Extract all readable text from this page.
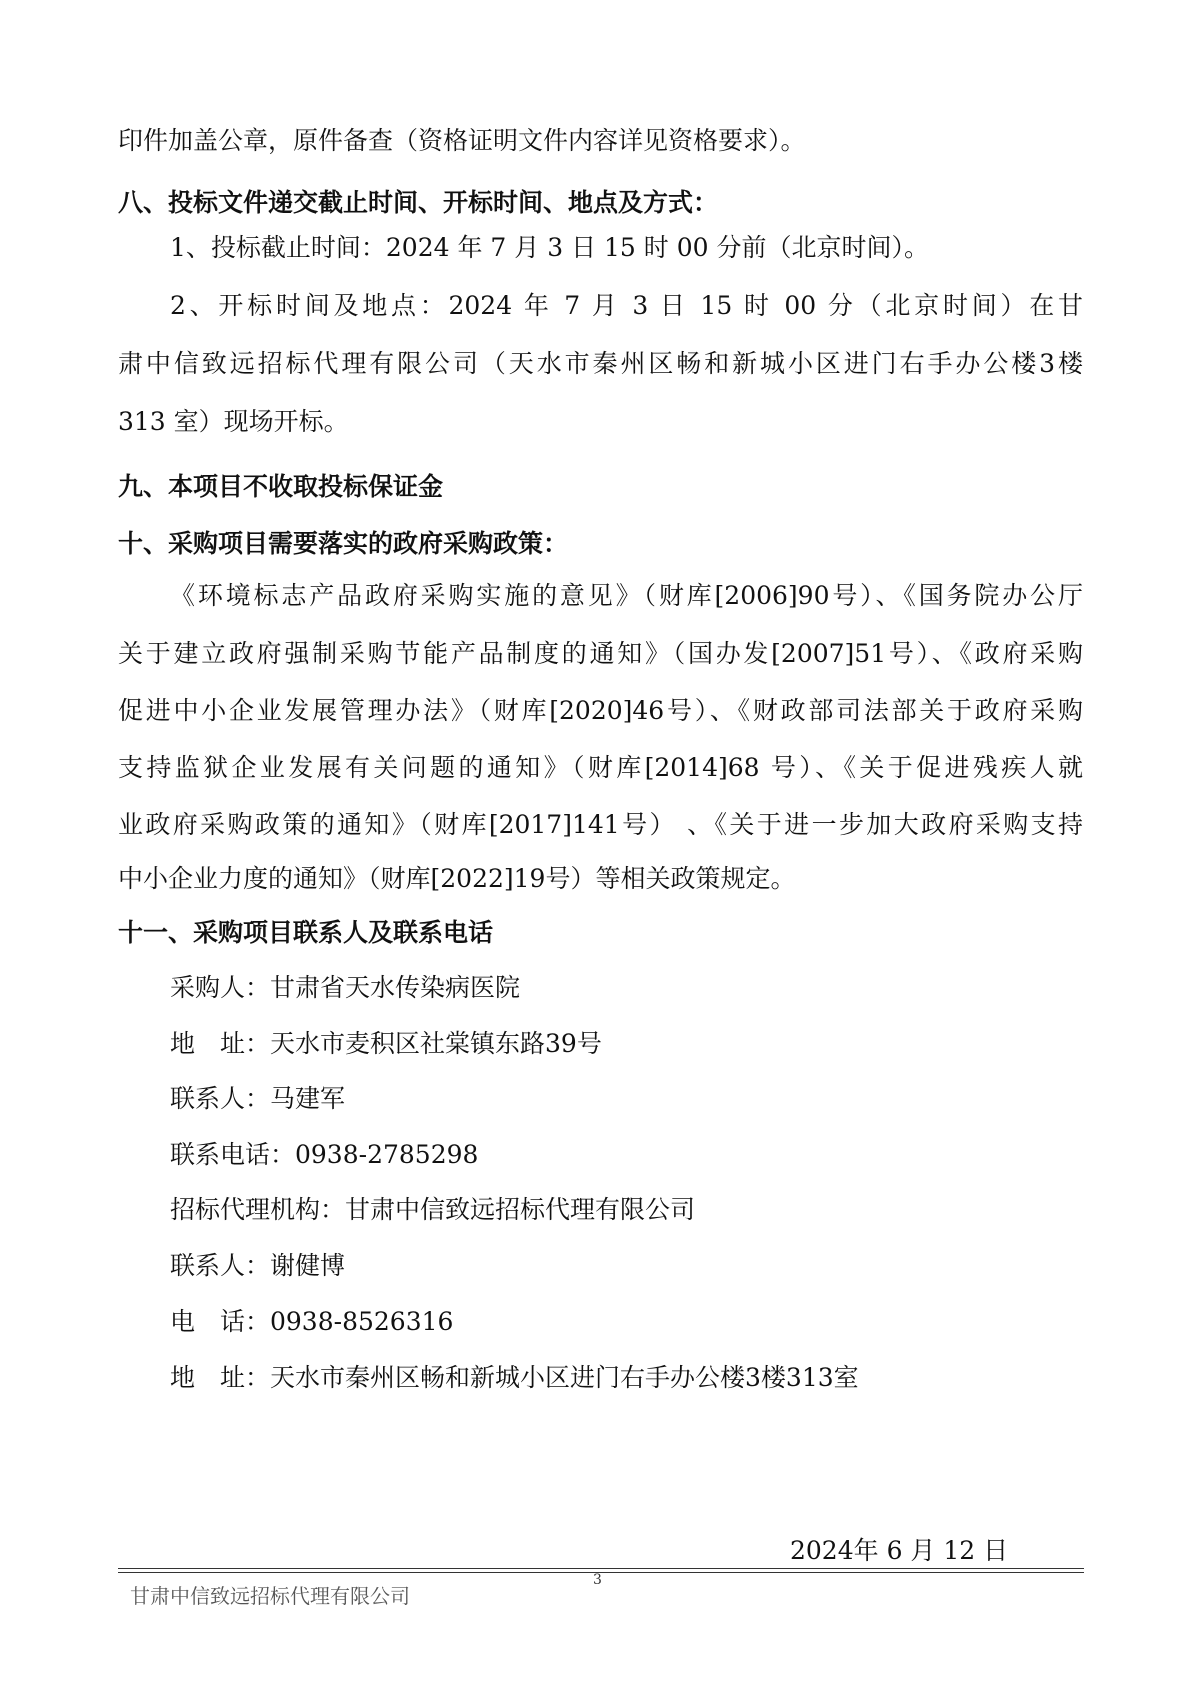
印件加盖公章，原件备查（资格证明文件内容详见资格要求）。

八、投标文件递交截止时间、开标时间、地点及方式：

1、投标截止时间：2024 年 7 月 3 日 15 时 00 分前（北京时间）。

2、开标时间及地点：2024 年 7 月 3 日 15 时 00 分（北京时间）在甘

肃中信致远招标代理有限公司（天水市秦州区畅和新城小区进门右手办公楼3楼

313 室）现场开标。

九、本项目不收取投标保证金

十、采购项目需要落实的政府采购政策：

《环境标志产品政府采购实施的意见》（财库[2006]90号）、《国务院办公厅

关于建立政府强制采购节能产品制度的通知》（国办发[2007]51号）、《政府采购

促进中小企业发展管理办法》（财库[2020]46号）、《财政部司法部关于政府采购

支持监狱企业发展有关问题的通知》（财库[2014]68 号）、《关于促进残疾人就

业政府采购政策的通知》（财库[2017]141号） 、《关于进一步加大政府采购支持

中小企业力度的通知》（财库[2022]19号）等相关政策规定。

十一、采购项目联系人及联系电话

采购人：甘肃省天水传染病医院

地　址：天水市麦积区社棠镇东路39号

联系人：马建军

联系电话：0938-2785298

招标代理机构：甘肃中信致远招标代理有限公司

联系人：谢健博

电　话：0938-8526316

地　址：天水市秦州区畅和新城小区进门右手办公楼3楼313室

2024年 6 月 12 日
3
甘肃中信致远招标代理有限公司
